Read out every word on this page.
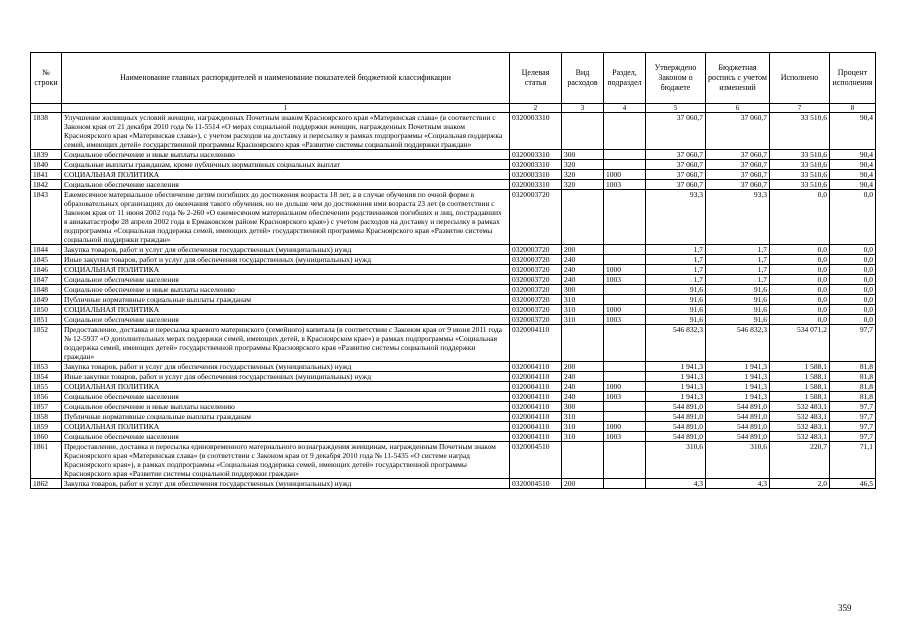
№ строки	Наименование главных распорядителей и наименование показателей бюджетной классификации	Целевая статья	Вид расходов	Раздел, подраздел	Утверждено Законом о бюджете	Бюджетная роспись с учетом изменений	Исполнено	Процент исполнения
	1	2	3	4	5	6	7	8
1838	Улучшение жилищных условий женщин, награжденных Почетным знаком Красноярского края «Материнская слава» (в соответствии с Законом края от 21 декабря 2010 года № 11-5514 «О мерах социальной поддержки женщин, награжденных Почетным знаком Красноярского края «Материнская слава»), с учетом расходов на доставку и пересылку в рамках подпрограммы «Социальная поддержка семей, имеющих детей» государственной программы Красноярского края «Развитие системы социальной поддержки граждан»	0320003310			37 060,7	37 060,7	33 510,6	90,4
1839	Социальное обеспечение и иные выплаты населению	0320003310	300		37 060,7	37 060,7	33 510,6	90,4
1840	Социальные выплаты гражданам, кроме публичных нормативных социальных выплат	0320003310	320		37 060,7	37 060,7	33 510,6	90,4
1841	СОЦИАЛЬНАЯ ПОЛИТИКА	0320003310	320	1000	37 060,7	37 060,7	33 510,6	90,4
1842	Социальное обеспечение населения	0320003310	320	1003	37 060,7	37 060,7	33 510,6	90,4
1843	Ежемесячное материальное обеспечение детям погибших до достижения возраста 18 лет, а в случае обучения по очной форме в образовательных организациях до окончания такого обучения, но не дольше чем до достижения ими возраста 23 лет (в соответствии с Законом края от 11 июня 2002 года № 2-260 «О ежемесячном материальном обеспечении родственников погибших и лиц, пострадавших в авиакатастрофе 28 апреля 2002 года в Ермаковском районе Красноярского края») с учетом расходов на доставку и пересылку в рамках подпрограммы «Социальная поддержка семей, имеющих детей» государственной программы Красноярского края «Развитие системы социальной поддержки граждан»	0320003720			93,3	93,3	0,0	0,0
1844	Закупка товаров, работ и услуг для обеспечения государственных (муниципальных) нужд	0320003720	200		1,7	1,7	0,0	0,0
1845	Иные закупки товаров, работ и услуг для обеспечения государственных (муниципальных) нужд	0320003720	240		1,7	1,7	0,0	0,0
1846	СОЦИАЛЬНАЯ ПОЛИТИКА	0320003720	240	1000	1,7	1,7	0,0	0,0
1847	Социальное обеспечение населения	0320003720	240	1003	1,7	1,7	0,0	0,0
1848	Социальное обеспечение и иные выплаты населению	0320003720	300		91,6	91,6	0,0	0,0
1849	Публичные нормативные социальные выплаты гражданам	0320003720	310		91,6	91,6	0,0	0,0
1850	СОЦИАЛЬНАЯ ПОЛИТИКА	0320003720	310	1000	91,6	91,6	0,0	0,0
1851	Социальное обеспечение населения	0320003720	310	1003	91,6	91,6	0,0	0,0
1852	Предоставление, доставка и пересылка краевого материнского (семейного) капитала (в соответствии с Законом края от 9 июня 2011 года № 12-5937 «О дополнительных мерах поддержки семей, имеющих детей, в Красноярском крае») в рамках подпрограммы «Социальная поддержка семей, имеющих детей» государственной программы Красноярского края «Развитие системы социальной поддержки граждан»	0320004110			546 832,3	546 832,3	534 071,2	97,7
1853	Закупка товаров, работ и услуг для обеспечения государственных (муниципальных) нужд	0320004110	200		1 941,3	1 941,3	1 588,1	81,8
1854	Иные закупки товаров, работ и услуг для обеспечения государственных (муниципальных) нужд	0320004110	240		1 941,3	1 941,3	1 588,1	81,8
1855	СОЦИАЛЬНАЯ ПОЛИТИКА	0320004110	240	1000	1 941,3	1 941,3	1 588,1	81,8
1856	Социальное обеспечение населения	0320004110	240	1003	1 941,3	1 941,3	1 588,1	81,8
1857	Социальное обеспечение и иные выплаты населению	0320004110	300		544 891,0	544 891,0	532 483,1	97,7
1858	Публичные нормативные социальные выплаты гражданам	0320004110	310		544 891,0	544 891,0	532 483,1	97,7
1859	СОЦИАЛЬНАЯ ПОЛИТИКА	0320004110	310	1000	544 891,0	544 891,0	532 483,1	97,7
1860	Социальное обеспечение населения	0320004110	310	1003	544 891,0	544 891,0	532 483,1	97,7
1861	Предоставление, доставка и пересылка единовременного материального вознаграждения женщинам, награжденным Почетным знаком Красноярского края «Материнская слава» (в соответствии с Законом края от 9 декабря 2010 года № 11-5435 «О системе наград Красноярского края»), в рамках подпрограммы «Социальная поддержка семей, имеющих детей» государственной программы Красноярского края «Развитие системы социальной поддержки граждан»	0320004510			310,6	310,6	220,7	71,1
1862	Закупка товаров, работ и услуг для обеспечения государственных (муниципальных) нужд	0320004510	200		4,3	4,3	2,0	46,5
359
